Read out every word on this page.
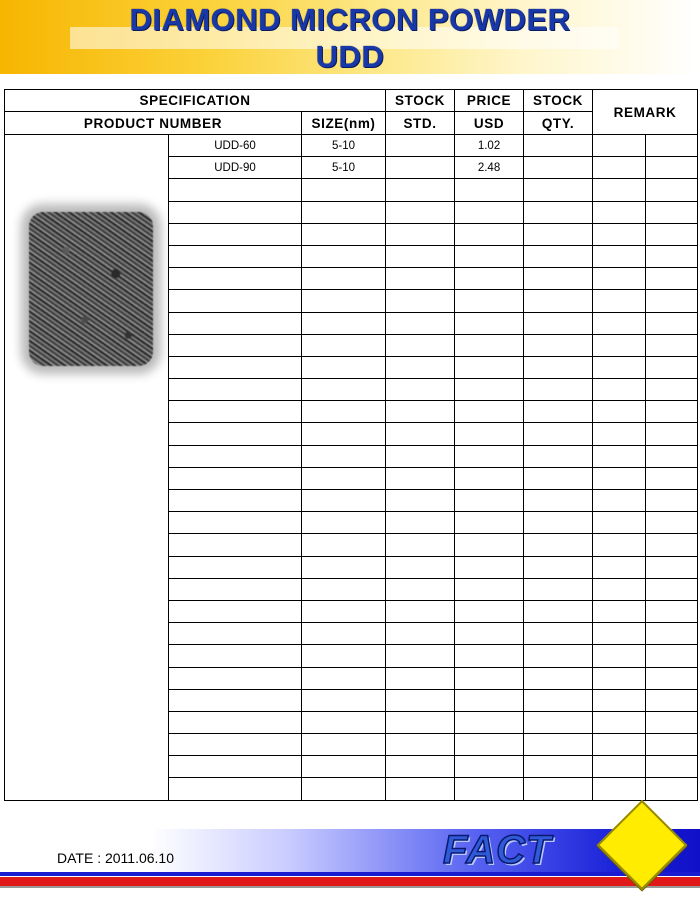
DIAMOND MICRON POWDER
UDD
SPECIFICATION			STOCK	PRICE	STOCK	REMARK	
PRODUCT NUMBER		SIZE(nm)	STD.	USD	QTY.		

	UDD-60	5-10		1.02			
	UDD-90	5-10		2.48			

DATE : 2011.06.10	FACT
